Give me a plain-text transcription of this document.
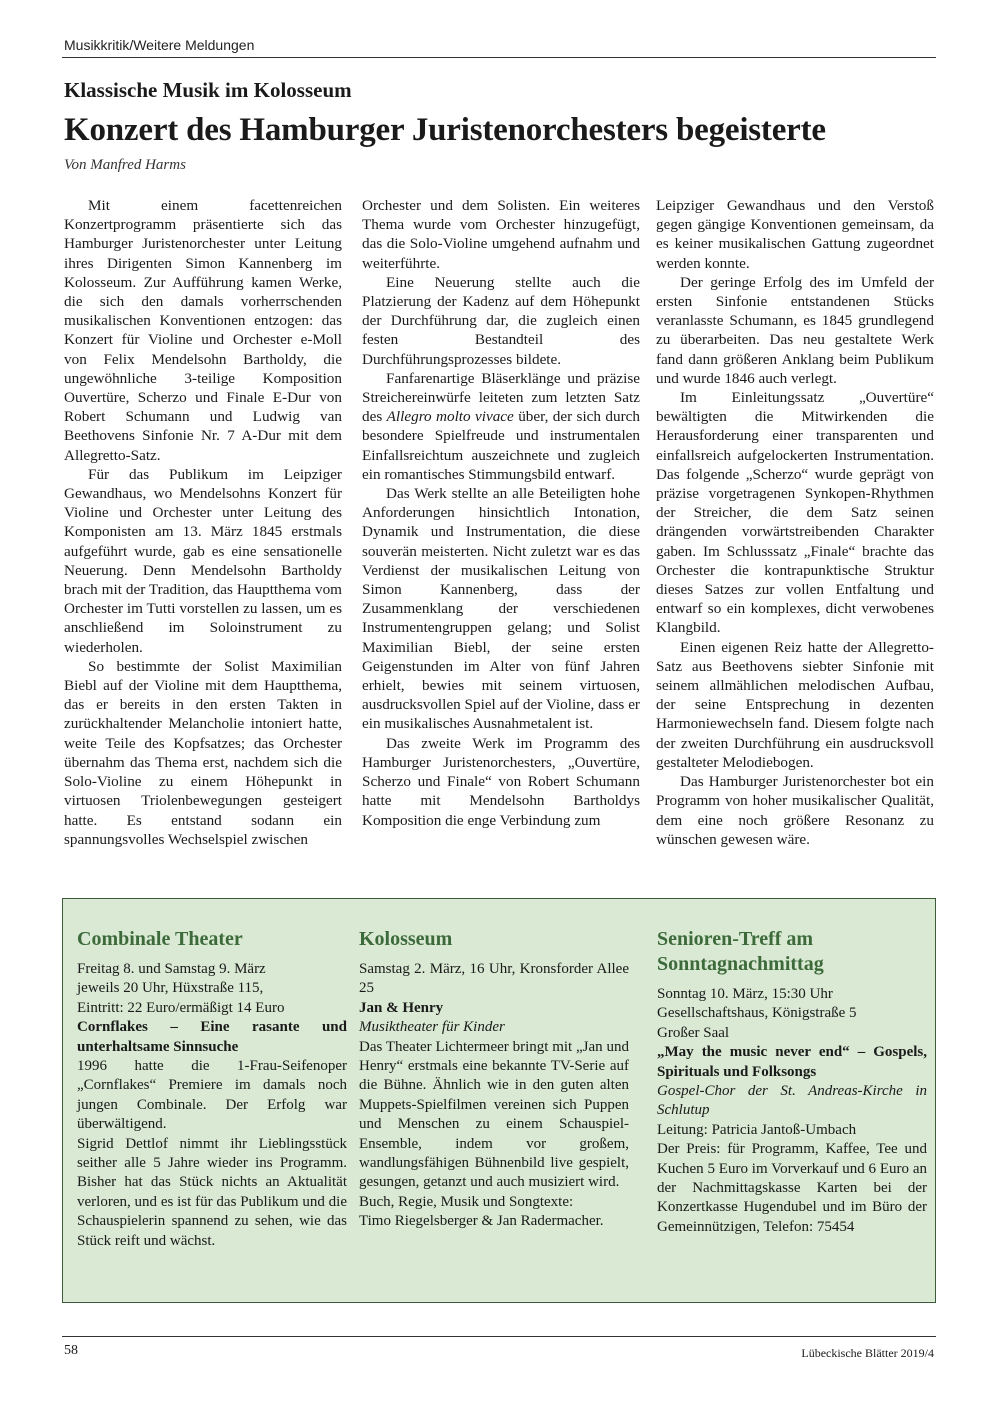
Musikkritik/Weitere Meldungen
Klassische Musik im Kolosseum
Konzert des Hamburger Juristenorchesters begeisterte
Von Manfred Harms

Mit einem facettenreichen Konzertprogramm präsentierte sich das Hamburger Juristenorchester unter Leitung ihres Dirigenten Simon Kannenberg im Kolosseum. Zur Aufführung kamen Werke, die sich den damals vorherrschenden musikalischen Konventionen entzogen: das Konzert für Violine und Orchester e-Moll von Felix Mendelsohn Bartholdy, die ungewöhnliche 3-teilige Komposition Ouvertüre, Scherzo und Finale E-Dur von Robert Schumann und Ludwig van Beethovens Sinfonie Nr. 7 A-Dur mit dem Allegretto-Satz.

Für das Publikum im Leipziger Gewandhaus, wo Mendelsohns Konzert für Violine und Orchester unter Leitung des Komponisten am 13. März 1845 erstmals aufgeführt wurde, gab es eine sensationelle Neuerung. Denn Mendelsohn Bartholdy brach mit der Tradition, das Hauptthema vom Orchester im Tutti vorstellen zu lassen, um es anschließend im Soloinstrument zu wiederholen.

So bestimmte der Solist Maximilian Biebl auf der Violine mit dem Hauptthema, das er bereits in den ersten Takten in zurückhaltender Melancholie intoniert hatte, weite Teile des Kopfsatzes; das Orchester übernahm das Thema erst, nachdem sich die Solo-Violine zu einem Höhepunkt in virtuosen Triolenbewegungen gesteigert hatte. Es entstand sodann ein spannungsvolles Wechselspiel zwischen

Orchester und dem Solisten. Ein weiteres Thema wurde vom Orchester hinzugefügt, das die Solo-Violine umgehend aufnahm und weiterführte.

Eine Neuerung stellte auch die Platzierung der Kadenz auf dem Höhepunkt der Durchführung dar, die zugleich einen festen Bestandteil des Durchführungsprozesses bildete.

Fanfarenartige Bläserklänge und präzise Streichereinwürfe leiteten zum letzten Satz des Allegro molto vivace über, der sich durch besondere Spielfreude und instrumentalen Einfallsreichtum auszeichnete und zugleich ein romantisches Stimmungsbild entwarf.

Das Werk stellte an alle Beteiligten hohe Anforderungen hinsichtlich Intonation, Dynamik und Instrumentation, die diese souverän meisterten. Nicht zuletzt war es das Verdienst der musikalischen Leitung von Simon Kannenberg, dass der Zusammenklang der verschiedenen Instrumentengruppen gelang; und Solist Maximilian Biebl, der seine ersten Geigenstunden im Alter von fünf Jahren erhielt, bewies mit seinem virtuosen, ausdrucksvollen Spiel auf der Violine, dass er ein musikalisches Ausnahmetalent ist.

Das zweite Werk im Programm des Hamburger Juristenorchesters, „Ouvertüre, Scherzo und Finale“ von Robert Schumann hatte mit Mendelsohn Bartholdys Komposition die enge Verbindung zum

Leipziger Gewandhaus und den Verstoß gegen gängige Konventionen gemeinsam, da es keiner musikalischen Gattung zugeordnet werden konnte.

Der geringe Erfolg des im Umfeld der ersten Sinfonie entstandenen Stücks veranlasste Schumann, es 1845 grundlegend zu überarbeiten. Das neu gestaltete Werk fand dann größeren Anklang beim Publikum und wurde 1846 auch verlegt.

Im Einleitungssatz „Ouvertüre“ bewältigten die Mitwirkenden die Herausforderung einer transparenten und einfallsreich aufgelockerten Instrumentation. Das folgende „Scherzo“ wurde geprägt von präzise vorgetragenen Synkopen-Rhythmen der Streicher, die dem Satz seinen drängenden vorwärtstreibenden Charakter gaben. Im Schlusssatz „Finale“ brachte das Orchester die kontrapunktische Struktur dieses Satzes zur vollen Entfaltung und entwarf so ein komplexes, dicht verwobenes Klangbild.

Einen eigenen Reiz hatte der Allegretto-Satz aus Beethovens siebter Sinfonie mit seinem allmählichen melodischen Aufbau, der seine Entsprechung in dezenten Harmoniewechseln fand. Diesem folgte nach der zweiten Durchführung ein ausdrucksvoll gestalteter Melodiebogen.

Das Hamburger Juristenorchester bot ein Programm von hoher musikalischer Qualität, dem eine noch größere Resonanz zu wünschen gewesen wäre.

Combinale Theater
Freitag 8. und Samstag 9. März
jeweils 20 Uhr, Hüxstraße 115,
Eintritt: 22 Euro/ermäßigt 14 Euro
Cornflakes – Eine rasante und unterhaltsame Sinnsuche

1996 hatte die 1-Frau-Seifenoper „Cornflakes“ Premiere im damals noch jungen Combinale. Der Erfolg war überwältigend.

Sigrid Dettlof nimmt ihr Lieblingsstück seither alle 5 Jahre wieder ins Programm. Bisher hat das Stück nichts an Aktualität verloren, und es ist für das Publikum und die Schauspielerin spannend zu sehen, wie das Stück reift und wächst.

Kolosseum
Samstag 2. März, 16 Uhr, Kronsforder Allee 25
Jan & Henry
Musiktheater für Kinder

Das Theater Lichtermeer bringt mit „Jan und Henry“ erstmals eine bekannte TV-Serie auf die Bühne. Ähnlich wie in den guten alten Muppets-Spielfilmen vereinen sich Puppen und Menschen zu einem Schauspiel-Ensemble, indem vor großem, wandlungsfähigen Bühnenbild live gespielt, gesungen, getanzt und auch musiziert wird.

Buch, Regie, Musik und Songtexte:
Timo Riegelsberger & Jan Radermacher.
Senioren-Treff am
Sonntagnachmittag
Sonntag 10. März, 15:30 Uhr
Gesellschaftshaus, Königstraße 5
Großer Saal
„May the music never end“ – Gospels, Spirituals und Folksongs
Gospel-Chor der St. Andreas-Kirche in Schlutup
Leitung: Patricia Jantoß-Umbach

Der Preis: für Programm, Kaffee, Tee und Kuchen 5 Euro im Vorverkauf und 6 Euro an der Nachmittagskasse Karten bei der Konzertkasse Hugendubel und im Büro der Gemeinnützigen, Telefon: 75454

58	Lübeckische Blätter 2019/4
